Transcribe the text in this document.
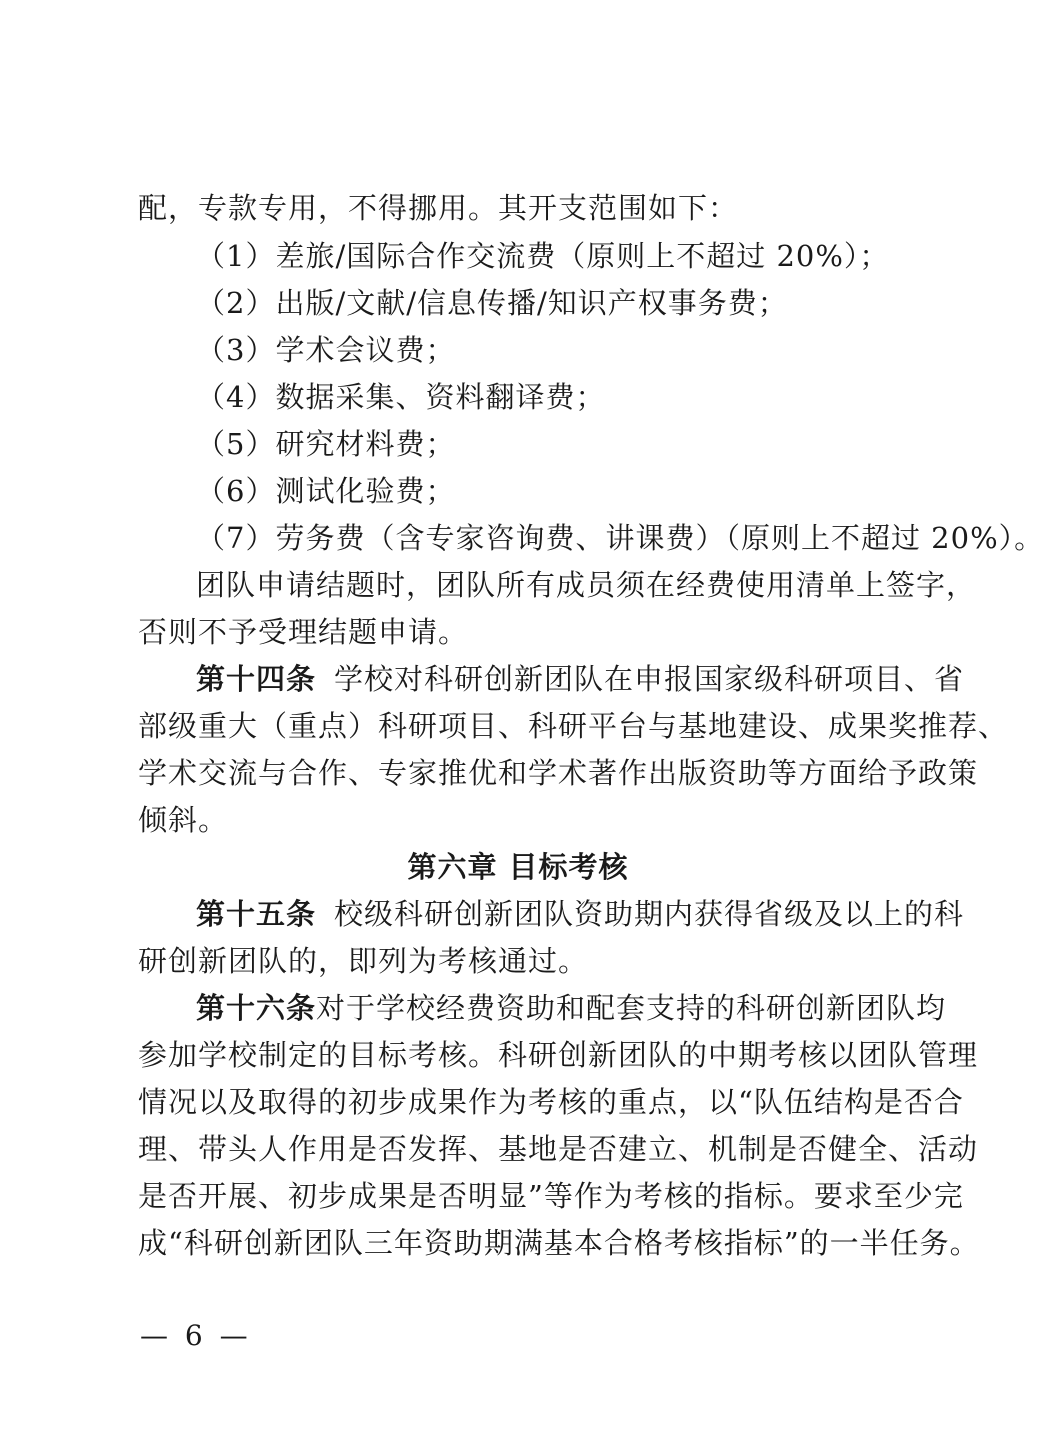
配，专款专用，不得挪用。其开支范围如下：
（1）差旅/国际合作交流费（原则上不超过 20%）；
（2）出版/文献/信息传播/知识产权事务费；
（3）学术会议费；
（4）数据采集、资料翻译费；
（5）研究材料费；
（6）测试化验费；
（7）劳务费（含专家咨询费、讲课费）（原则上不超过 20%）。
团队申请结题时，团队所有成员须在经费使用清单上签字，
否则不予受理结题申请。
第十四条 学校对科研创新团队在申报国家级科研项目、省
部级重大（重点）科研项目、科研平台与基地建设、成果奖推荐、
学术交流与合作、专家推优和学术著作出版资助等方面给予政策
倾斜。
第六章 目标考核
第十五条 校级科研创新团队资助期内获得省级及以上的科
研创新团队的，即列为考核通过。
第十六条对于学校经费资助和配套支持的科研创新团队均
参加学校制定的目标考核。科研创新团队的中期考核以团队管理
情况以及取得的初步成果作为考核的重点，以“队伍结构是否合
理、带头人作用是否发挥、基地是否建立、机制是否健全、活动
是否开展、初步成果是否明显”等作为考核的指标。要求至少完
成“科研创新团队三年资助期满基本合格考核指标”的一半任务。
— 6 —
